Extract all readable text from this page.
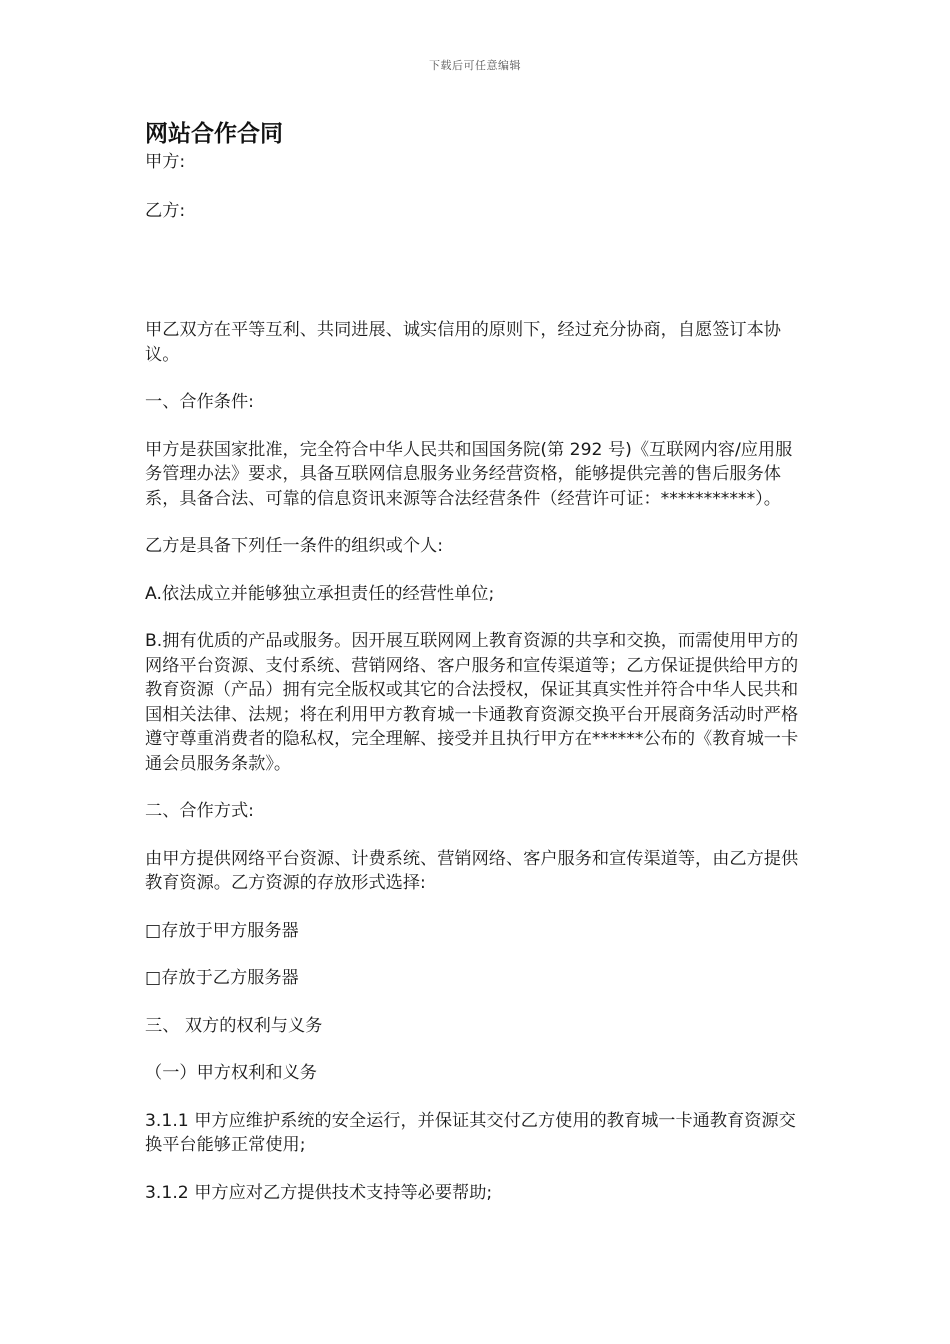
下载后可任意编辑
网站合作合同

甲方:

乙方:

甲乙双方在平等互利、共同进展、诚实信用的原则下，经过充分协商，自愿签订本协议。

一、合作条件:

甲方是获国家批准，完全符合中华人民共和国国务院(第 292 号)《互联网内容/应用服务管理办法》要求，具备互联网信息服务业务经营资格，能够提供完善的售后服务体系，具备合法、可靠的信息资讯来源等合法经营条件（经营许可证：***********）。

乙方是具备下列任一条件的组织或个人:

A.依法成立并能够独立承担责任的经营性单位;

B.拥有优质的产品或服务。因开展互联网网上教育资源的共享和交换，而需使用甲方的网络平台资源、支付系统、营销网络、客户服务和宣传渠道等；乙方保证提供给甲方的教育资源（产品）拥有完全版权或其它的合法授权，保证其真实性并符合中华人民共和国相关法律、法规；将在利用甲方教育城一卡通教育资源交换平台开展商务活动时严格遵守尊重消费者的隐私权，完全理解、接受并且执行甲方在******公布的《教育城一卡通会员服务条款》。

二、合作方式:

由甲方提供网络平台资源、计费系统、营销网络、客户服务和宣传渠道等，由乙方提供教育资源。乙方资源的存放形式选择:

□存放于甲方服务器

□存放于乙方服务器

三、 双方的权利与义务

（一）甲方权利和义务

3.1.1 甲方应维护系统的安全运行，并保证其交付乙方使用的教育城一卡通教育资源交换平台能够正常使用;

3.1.2 甲方应对乙方提供技术支持等必要帮助;
